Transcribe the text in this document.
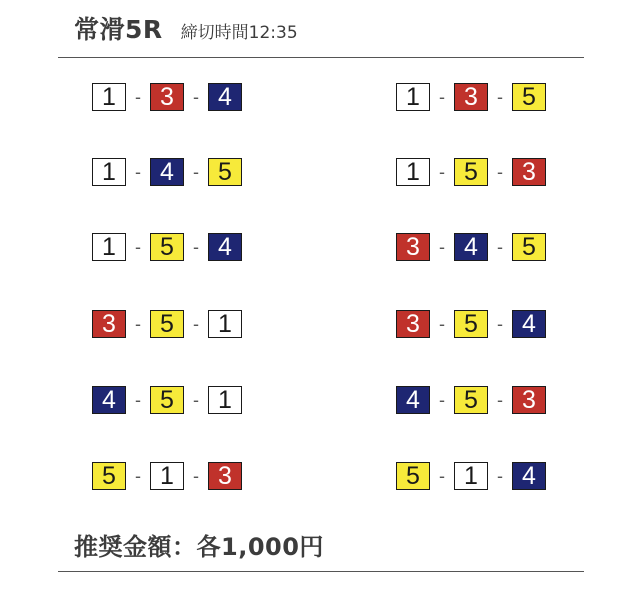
常滑5R 締切時間12:35
1	- 3	- 4	1	- 3	- 5
1	- 4	- 5	1	- 5	- 3
1	- 5	- 4	3	- 4	- 5
3	- 5	- 1	3	- 5	- 4
4	- 5	- 1	4	- 5	- 3
5	- 1	- 3	5	- 1	- 4
推奨金額：各1,000円
